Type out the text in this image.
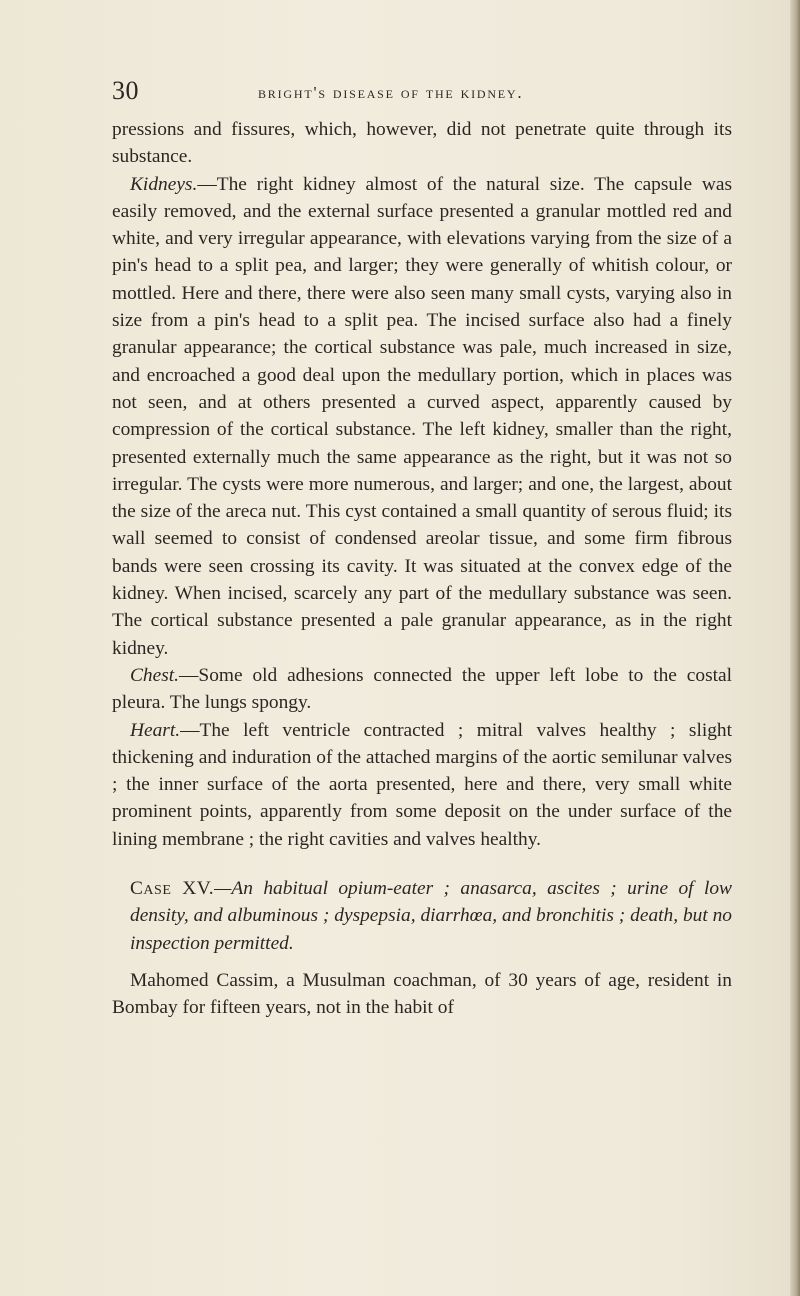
30	bright's disease of the kidney.

pressions and fissures, which, however, did not penetrate quite through its substance.

Kidneys.—The right kidney almost of the natural size. The capsule was easily removed, and the external surface presented a granular mottled red and white, and very irregular appearance, with elevations varying from the size of a pin's head to a split pea, and larger; they were generally of whitish colour, or mottled. Here and there, there were also seen many small cysts, varying also in size from a pin's head to a split pea. The incised surface also had a finely granular appearance; the cortical substance was pale, much increased in size, and encroached a good deal upon the medullary portion, which in places was not seen, and at others presented a curved aspect, apparently caused by compression of the cortical substance. The left kidney, smaller than the right, presented externally much the same appearance as the right, but it was not so irregular. The cysts were more numerous, and larger; and one, the largest, about the size of the areca nut. This cyst contained a small quantity of serous fluid; its wall seemed to consist of condensed areolar tissue, and some firm fibrous bands were seen crossing its cavity. It was situated at the convex edge of the kidney. When incised, scarcely any part of the medullary substance was seen. The cortical substance presented a pale granular appearance, as in the right kidney.

Chest.—Some old adhesions connected the upper left lobe to the costal pleura. The lungs spongy.

Heart.—The left ventricle contracted ; mitral valves healthy ; slight thickening and induration of the attached margins of the aortic semilunar valves ; the inner surface of the aorta presented, here and there, very small white prominent points, apparently from some deposit on the under surface of the lining membrane ; the right cavities and valves healthy.

Case XV.—An habitual opium-eater ; anasarca, ascites ; urine of low density, and albuminous ; dyspepsia, diarrhœa, and bronchitis ; death, but no inspection permitted.

Mahomed Cassim, a Musulman coachman, of 30 years of age, resident in Bombay for fifteen years, not in the habit of
